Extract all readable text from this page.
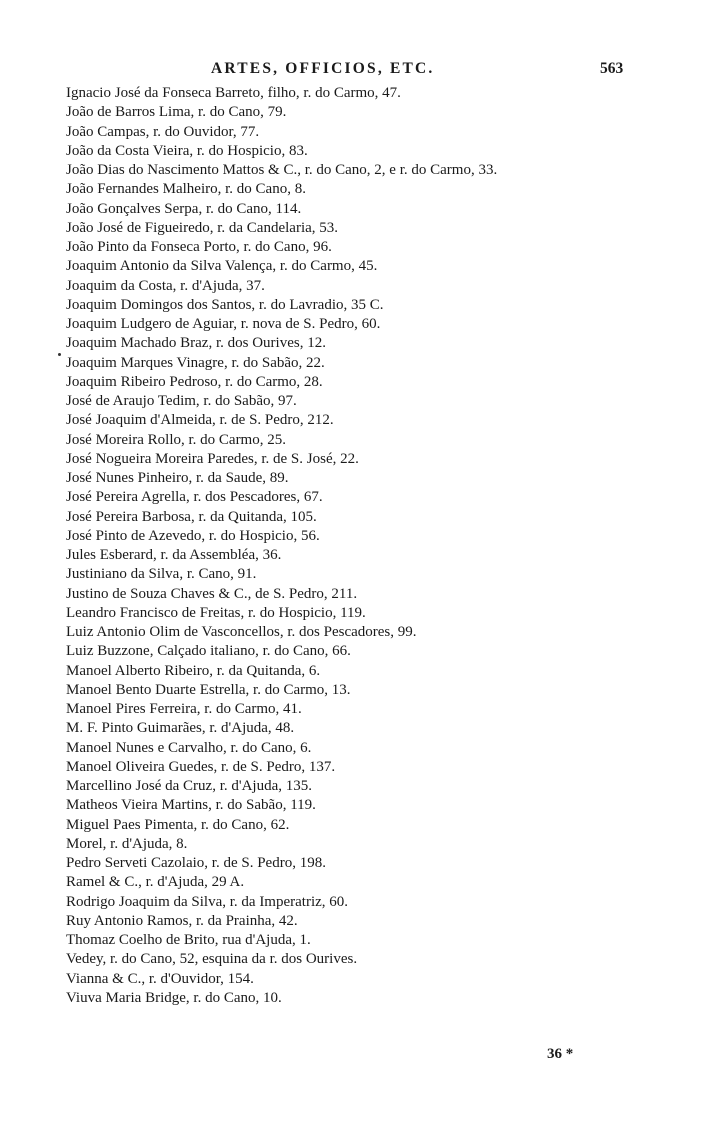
ARTES, OFFICIOS, ETC.	563
Ignacio José da Fonseca Barreto, filho, r. do Carmo, 47.
João de Barros Lima, r. do Cano, 79.
João Campas, r. do Ouvidor, 77.
João da Costa Vieira, r. do Hospicio, 83.
João Dias do Nascimento Mattos & C., r. do Cano, 2, e r. do Carmo, 33.
João Fernandes Malheiro, r. do Cano, 8.
João Gonçalves Serpa, r. do Cano, 114.
João José de Figueiredo, r. da Candelaria, 53.
João Pinto da Fonseca Porto, r. do Cano, 96.
Joaquim Antonio da Silva Valença, r. do Carmo, 45.
Joaquim da Costa, r. d'Ajuda, 37.
Joaquim Domingos dos Santos, r. do Lavradio, 35 C.
Joaquim Ludgero de Aguiar, r. nova de S. Pedro, 60.
Joaquim Machado Braz, r. dos Ourives, 12.
Joaquim Marques Vinagre, r. do Sabão, 22.
Joaquim Ribeiro Pedroso, r. do Carmo, 28.
José de Araujo Tedim, r. do Sabão, 97.
José Joaquim d'Almeida, r. de S. Pedro, 212.
José Moreira Rollo, r. do Carmo, 25.
José Nogueira Moreira Paredes, r. de S. José, 22.
José Nunes Pinheiro, r. da Saude, 89.
José Pereira Agrella, r. dos Pescadores, 67.
José Pereira Barbosa, r. da Quitanda, 105.
José Pinto de Azevedo, r. do Hospicio, 56.
Jules Esberard, r. da Assembléa, 36.
Justiniano da Silva, r. Cano, 91.
Justino de Souza Chaves & C., de S. Pedro, 211.
Leandro Francisco de Freitas, r. do Hospicio, 119.
Luiz Antonio Olim de Vasconcellos, r. dos Pescadores, 99.
Luiz Buzzone, Calçado italiano, r. do Cano, 66.
Manoel Alberto Ribeiro, r. da Quitanda, 6.
Manoel Bento Duarte Estrella, r. do Carmo, 13.
Manoel Pires Ferreira, r. do Carmo, 41.
M. F. Pinto Guimarães, r. d'Ajuda, 48.
Manoel Nunes e Carvalho, r. do Cano, 6.
Manoel Oliveira Guedes, r. de S. Pedro, 137.
Marcellino José da Cruz, r. d'Ajuda, 135.
Matheos Vieira Martins, r. do Sabão, 119.
Miguel Paes Pimenta, r. do Cano, 62.
Morel, r. d'Ajuda, 8.
Pedro Serveti Cazolaio, r. de S. Pedro, 198.
Ramel & C., r. d'Ajuda, 29 A.
Rodrigo Joaquim da Silva, r. da Imperatriz, 60.
Ruy Antonio Ramos, r. da Prainha, 42.
Thomaz Coelho de Brito, rua d'Ajuda, 1.
Vedey, r. do Cano, 52, esquina da r. dos Ourives.
Vianna & C., r. d'Ouvidor, 154.
Viuva Maria Bridge, r. do Cano, 10.
36 *
